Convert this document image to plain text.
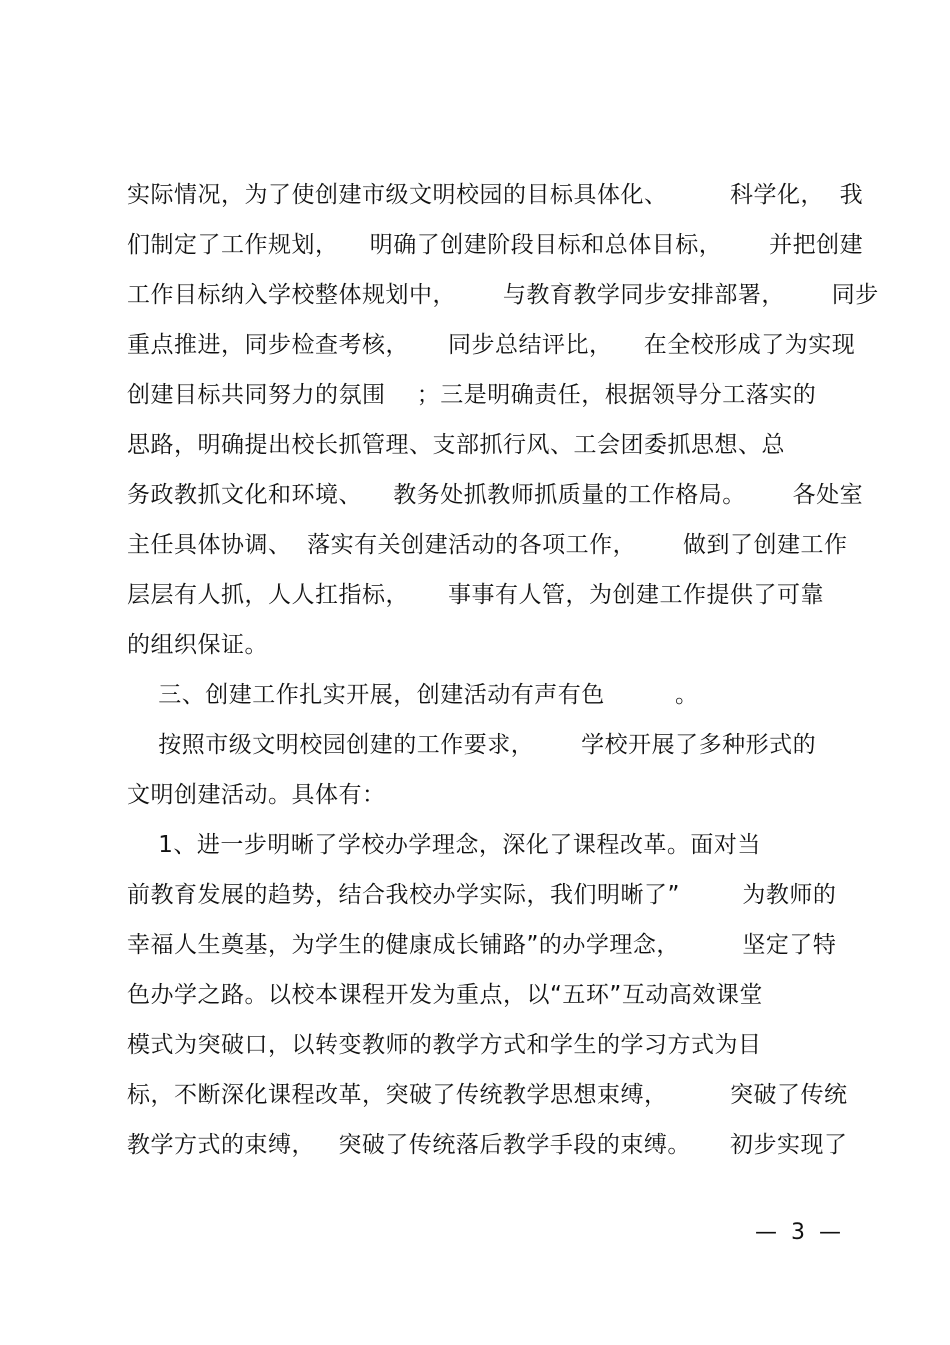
实际情况，为了使创建市级文明校园的目标具体化、        科学化，  我
们制定了工作规划，    明确了创建阶段目标和总体目标，      并把创建
工作目标纳入学校整体规划中，      与教育教学同步安排部署，      同步
重点推进，同步检查考核，     同步总结评比，    在全校形成了为实现
创建目标共同努力的氛围    ；三是明确责任，根据领导分工落实的
思路，明确提出校长抓管理、支部抓行风、工会团委抓思想、总
务政教抓文化和环境、    教务处抓教师抓质量的工作格局。      各处室
主任具体协调、  落实有关创建活动的各项工作，      做到了创建工作
层层有人抓，人人扛指标，     事事有人管，为创建工作提供了可靠
的组织保证。
三、创建工作扎实开展，创建活动有声有色         。
按照市级文明校园创建的工作要求，      学校开展了多种形式的
文明创建活动。具体有：
1、进一步明晰了学校办学理念，深化了课程改革。面对当
前教育发展的趋势，结合我校办学实际，我们明晰了”        为教师的
幸福人生奠基，为学生的健康成长铺路”的办学理念，        坚定了特
色办学之路。以校本课程开发为重点，以“五环”互动高效课堂
模式为突破口，以转变教师的教学方式和学生的学习方式为目
标，不断深化课程改革，突破了传统教学思想束缚，        突破了传统
教学方式的束缚，   突破了传统落后教学手段的束缚。     初步实现了
—  3  —
